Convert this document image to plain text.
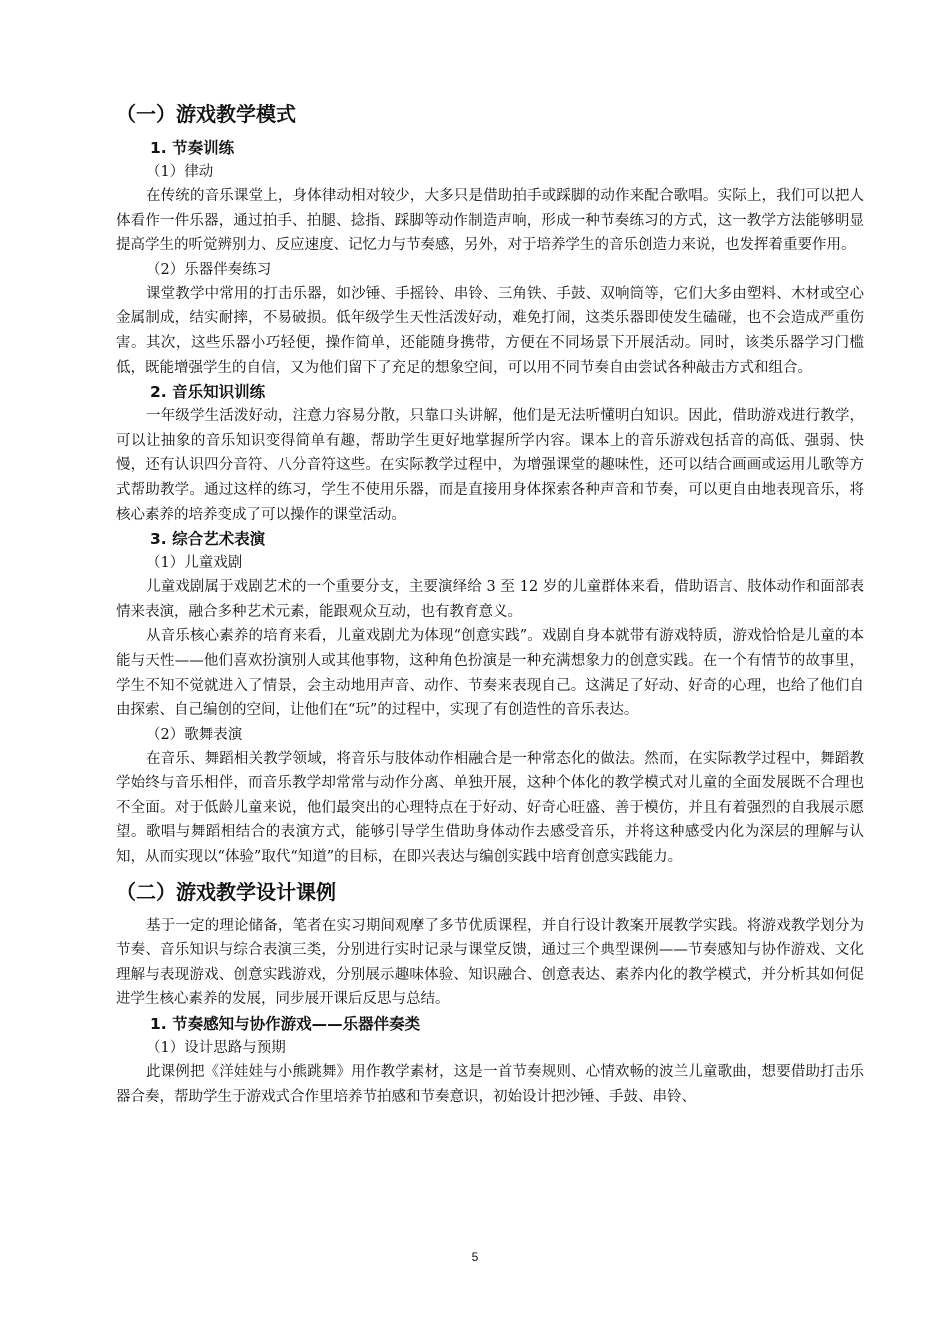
（一）游戏教学模式
1. 节奏训练
（1）律动

在传统的音乐课堂上，身体律动相对较少，大多只是借助拍手或踩脚的动作来配合歌唱。实际上，我们可以把人体看作一件乐器，通过拍手、拍腿、捻指、踩脚等动作制造声响，形成一种节奏练习的方式，这一教学方法能够明显提高学生的听觉辨别力、反应速度、记忆力与节奏感，另外，对于培养学生的音乐创造力来说，也发挥着重要作用。

（2）乐器伴奏练习

课堂教学中常用的打击乐器，如沙锤、手摇铃、串铃、三角铁、手鼓、双响筒等，它们大多由塑料、木材或空心金属制成，结实耐摔，不易破损。低年级学生天性活泼好动，难免打闹，这类乐器即使发生磕碰，也不会造成严重伤害。其次，这些乐器小巧轻便，操作简单，还能随身携带，方便在不同场景下开展活动。同时，该类乐器学习门槛低，既能增强学生的自信，又为他们留下了充足的想象空间，可以用不同节奏自由尝试各种敲击方式和组合。

2. 音乐知识训练

一年级学生活泼好动，注意力容易分散，只靠口头讲解，他们是无法听懂明白知识。因此，借助游戏进行教学，可以让抽象的音乐知识变得简单有趣，帮助学生更好地掌握所学内容。课本上的音乐游戏包括音的高低、强弱、快慢，还有认识四分音符、八分音符这些。在实际教学过程中，为增强课堂的趣味性，还可以结合画画或运用儿歌等方式帮助教学。通过这样的练习，学生不使用乐器，而是直接用身体探索各种声音和节奏，可以更自由地表现音乐，将核心素养的培养变成了可以操作的课堂活动。

3. 综合艺术表演
（1）儿童戏剧

儿童戏剧属于戏剧艺术的一个重要分支，主要演绎给 3 至 12 岁的儿童群体来看，借助语言、肢体动作和面部表情来表演，融合多种艺术元素，能跟观众互动，也有教育意义。

从音乐核心素养的培育来看，儿童戏剧尤为体现“创意实践”。戏剧自身本就带有游戏特质，游戏恰恰是儿童的本能与天性——他们喜欢扮演别人或其他事物，这种角色扮演是一种充满想象力的创意实践。在一个有情节的故事里，学生不知不觉就进入了情景，会主动地用声音、动作、节奏来表现自己。这满足了好动、好奇的心理，也给了他们自由探索、自己编创的空间，让他们在“玩”的过程中，实现了有创造性的音乐表达。

（2）歌舞表演

在音乐、舞蹈相关教学领域，将音乐与肢体动作相融合是一种常态化的做法。然而，在实际教学过程中，舞蹈教学始终与音乐相伴，而音乐教学却常常与动作分离、单独开展，这种个体化的教学模式对儿童的全面发展既不合理也不全面。对于低龄儿童来说，他们最突出的心理特点在于好动、好奇心旺盛、善于模仿，并且有着强烈的自我展示愿望。歌唱与舞蹈相结合的表演方式，能够引导学生借助身体动作去感受音乐，并将这种感受内化为深层的理解与认知，从而实现以“体验”取代“知道”的目标，在即兴表达与编创实践中培育创意实践能力。

（二）游戏教学设计课例

基于一定的理论储备，笔者在实习期间观摩了多节优质课程，并自行设计教案开展教学实践。将游戏教学划分为节奏、音乐知识与综合表演三类，分别进行实时记录与课堂反馈，通过三个典型课例——节奏感知与协作游戏、文化理解与表现游戏、创意实践游戏，分别展示趣味体验、知识融合、创意表达、素养内化的教学模式，并分析其如何促进学生核心素养的发展，同步展开课后反思与总结。

1. 节奏感知与协作游戏——乐器伴奏类
（1）设计思路与预期

此课例把《洋娃娃与小熊跳舞》用作教学素材，这是一首节奏规则、心情欢畅的波兰儿童歌曲，想要借助打击乐器合奏，帮助学生于游戏式合作里培养节拍感和节奏意识，初始设计把沙锤、手鼓、串铃、

5
